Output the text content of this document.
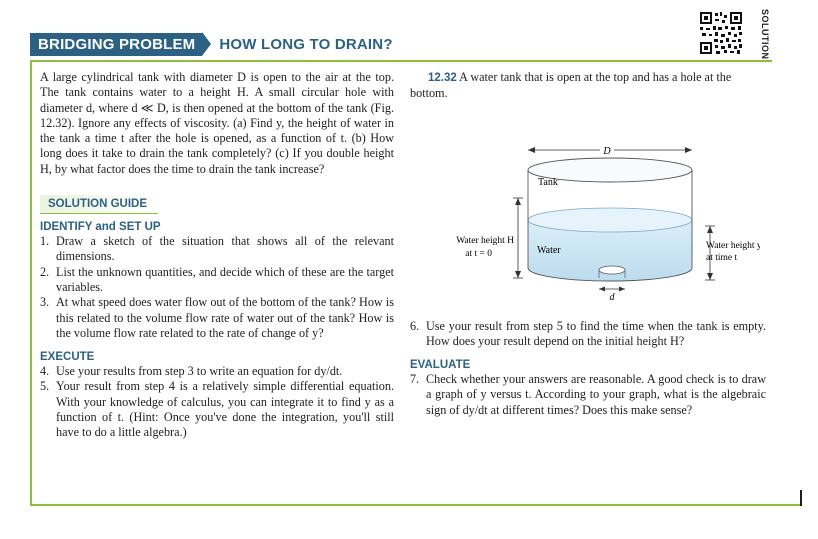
BRIDGING PROBLEM	HOW LONG TO DRAIN?	SOLUTION

A large cylindrical tank with diameter D is open to the air at the top. The tank contains water to a height H. A small circular hole with diameter d, where d ≪ D, is then opened at the bottom of the tank (Fig. 12.32). Ignore any effects of viscosity. (a) Find y, the height of water in the tank a time t after the hole is opened, as a function of t. (b) How long does it take to drain the tank completely? (c) If you double height H, by what factor does the time to drain the tank increase?

SOLUTION GUIDE
IDENTIFY and SET UP
1. Draw a sketch of the situation that shows all of the relevant dimensions.
2. List the unknown quantities, and decide which of these are the target variables.
3. At what speed does water flow out of the bottom of the tank? How is this related to the volume flow rate of water out of the tank? How is the volume flow rate related to the rate of change of y?
EXECUTE
4. Use your results from step 3 to write an equation for dy/dt.
5. Your result from step 4 is a relatively simple differential equation. With your knowledge of calculus, you can integrate it to find y as a function of t. (Hint: Once you've done the integration, you'll still have to do a little algebra.)
12.32 A water tank that is open at the top and has a hole at the bottom.
D
d
Tank
Water
Water height H
at t = 0
Water height y
at time t
6. Use your result from step 5 to find the time when the tank is empty. How does your result depend on the initial height H?
EVALUATE
7. Check whether your answers are reasonable. A good check is to draw a graph of y versus t. According to your graph, what is the algebraic sign of dy/dt at different times? Does this make sense?
